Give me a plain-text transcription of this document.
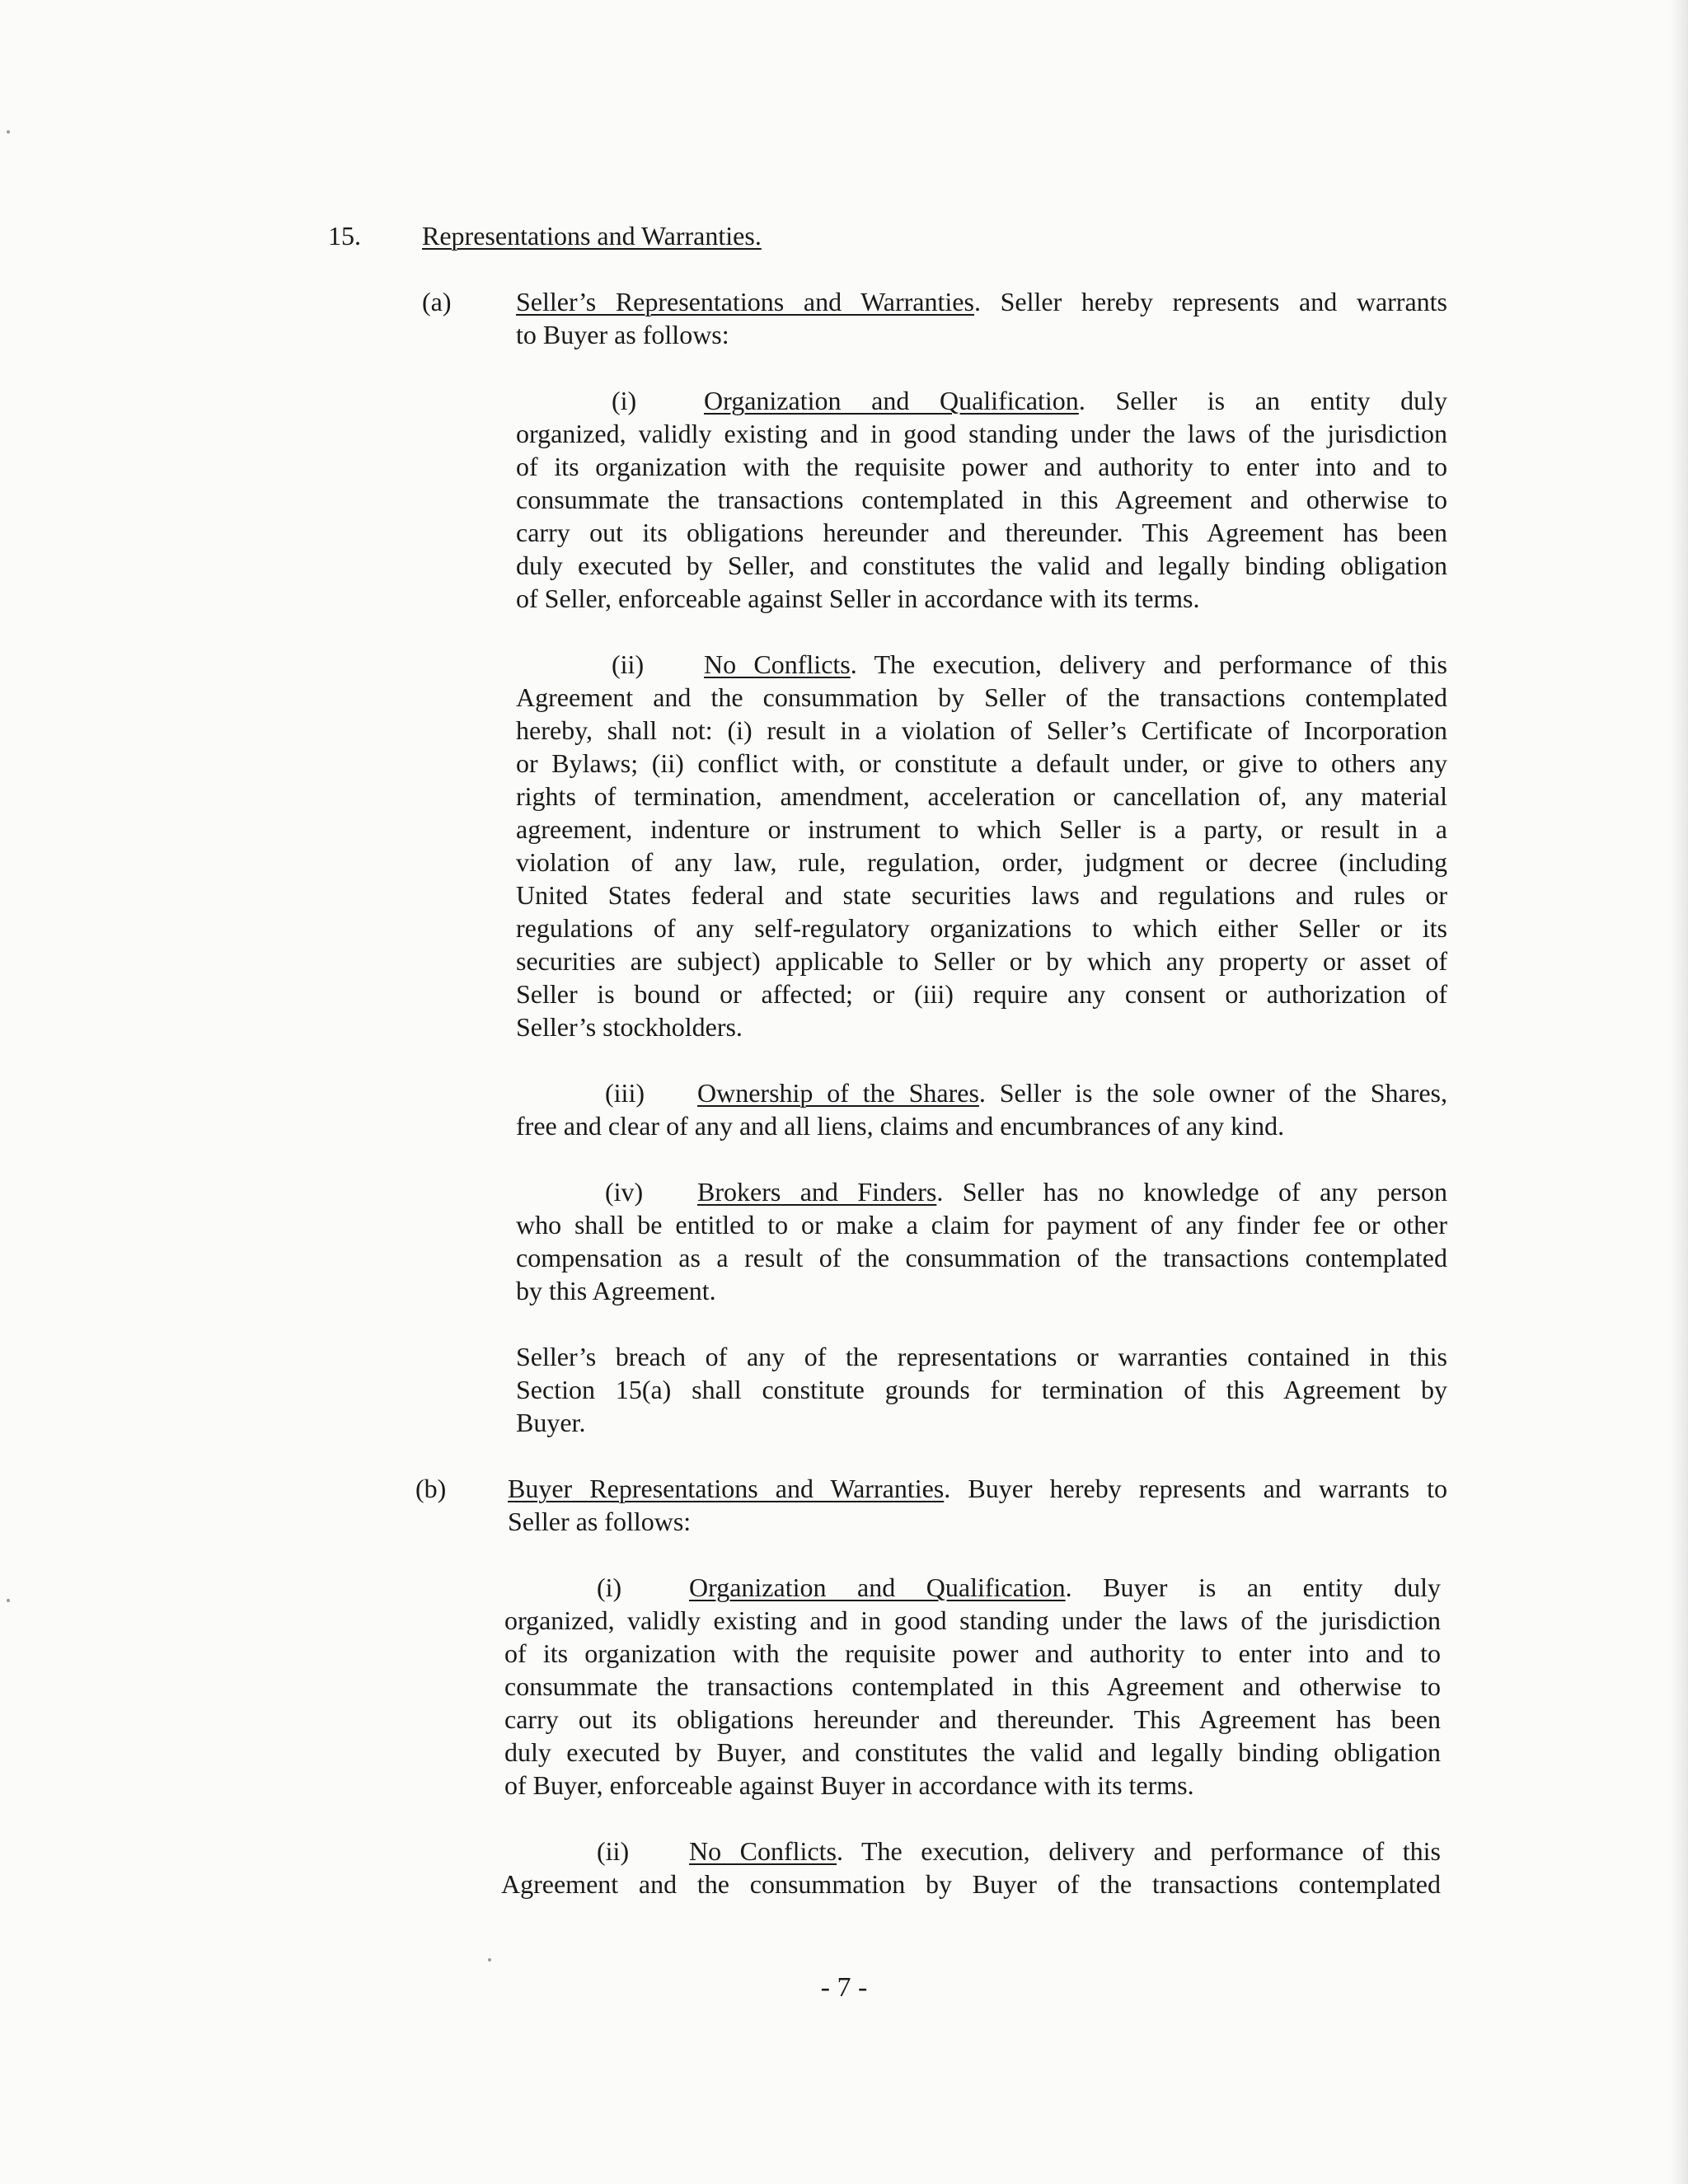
15. Representations and Warranties.
(a) Seller’s Representations and Warranties. Seller hereby represents and warrants
to Buyer as follows:
(i)	Organization and Qualification. Seller is an entity duly
organized, validly existing and in good standing under the laws of the jurisdiction
of its organization with the requisite power and authority to enter into and to
consummate the transactions contemplated in this Agreement and otherwise to
carry out its obligations hereunder and thereunder. This Agreement has been
duly executed by Seller, and constitutes the valid and legally binding obligation
of Seller, enforceable against Seller in accordance with its terms.
(ii) No Conflicts. The execution, delivery and performance of this
Agreement and the consummation by Seller of the transactions contemplated
hereby, shall not: (i) result in a violation of Seller’s Certificate of Incorporation
or Bylaws; (ii) conflict with, or constitute a default under, or give to others any
rights of termination, amendment, acceleration or cancellation of, any material
agreement, indenture or instrument to which Seller is a party, or result in a
violation of any law, rule, regulation, order, judgment or decree (including
United States federal and state securities laws and regulations and rules or
regulations of any self-regulatory organizations to which either Seller or its
securities are subject) applicable to Seller or by which any property or asset of
Seller is bound or affected; or (iii) require any consent or authorization of
Seller’s stockholders.
(iii) Ownership of the Shares. Seller is the sole owner of the Shares,
free and clear of any and all liens, claims and encumbrances of any kind.
(iv) Brokers and Finders. Seller has no knowledge of any person
who shall be entitled to or make a claim for payment of any finder fee or other
compensation as a result of the consummation of the transactions contemplated
by this Agreement.
Seller’s breach of any of the representations or warranties contained in this
Section 15(a) shall constitute grounds for termination of this Agreement by
Buyer.
(b) Buyer Representations and Warranties. Buyer hereby represents and warrants to
Seller as follows:
(i)	Organization and Qualification. Buyer is an entity duly
organized, validly existing and in good standing under the laws of the jurisdiction
of its organization with the requisite power and authority to enter into and to
consummate the transactions contemplated in this Agreement and otherwise to
carry out its obligations hereunder and thereunder. This Agreement has been
duly executed by Buyer, and constitutes the valid and legally binding obligation
of Buyer, enforceable against Buyer in accordance with its terms.
(ii) No Conflicts. The execution, delivery and performance of this
Agreement and the consummation by Buyer of the transactions contemplated
- 7 -
